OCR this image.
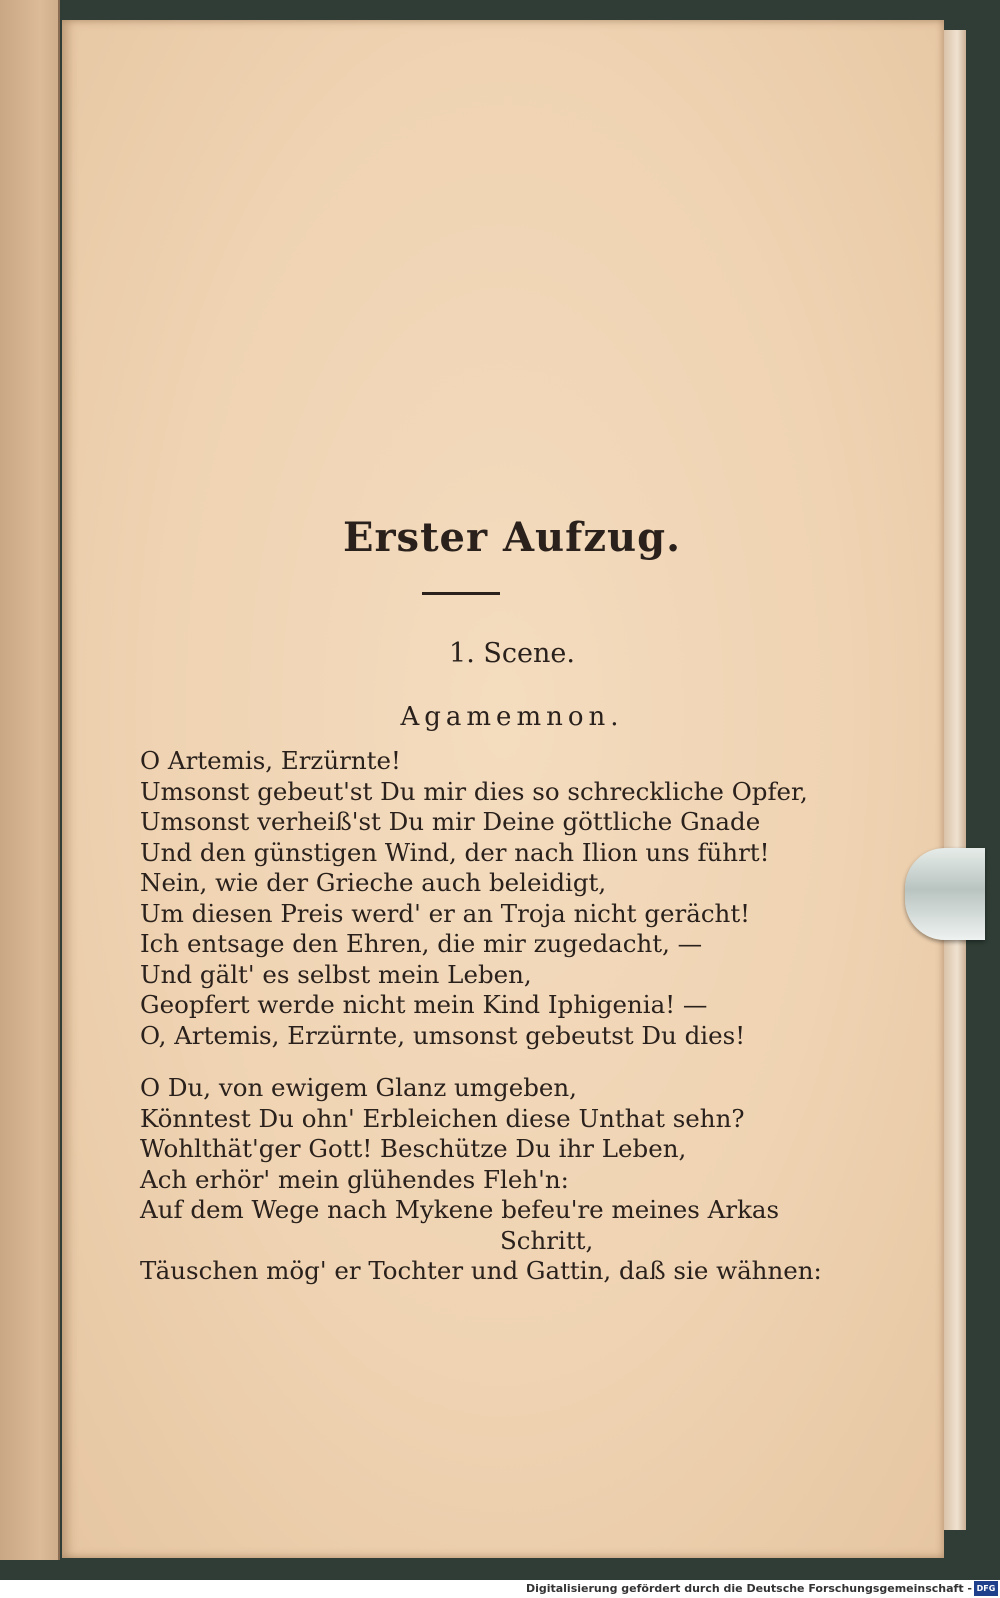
Erster Aufzug.
1. Scene.
Agamemnon.
O Artemis, Erzürnte!
Umsonst gebeut'st Du mir dies so schreckliche Opfer,
Umsonst verheiß'st Du mir Deine göttliche Gnade
Und den günstigen Wind, der nach Ilion uns führt!
Nein, wie der Grieche auch beleidigt,
Um diesen Preis werd' er an Troja nicht gerächt!
Ich entsage den Ehren, die mir zugedacht, —
Und gält' es selbst mein Leben,
Geopfert werde nicht mein Kind Iphigenia! —
O, Artemis, Erzürnte, umsonst gebeutst Du dies!
O Du, von ewigem Glanz umgeben,
Könntest Du ohn' Erbleichen diese Unthat sehn?
Wohlthät'ger Gott! Beschütze Du ihr Leben,
Ach erhör' mein glühendes Fleh'n:
Auf dem Wege nach Mykene befeu're meines Arkas
Schritt,
Täuschen mög' er Tochter und Gattin, daß sie wähnen:
Digitalisierung gefördert durch die Deutsche Forschungsgemeinschaft - DFG
